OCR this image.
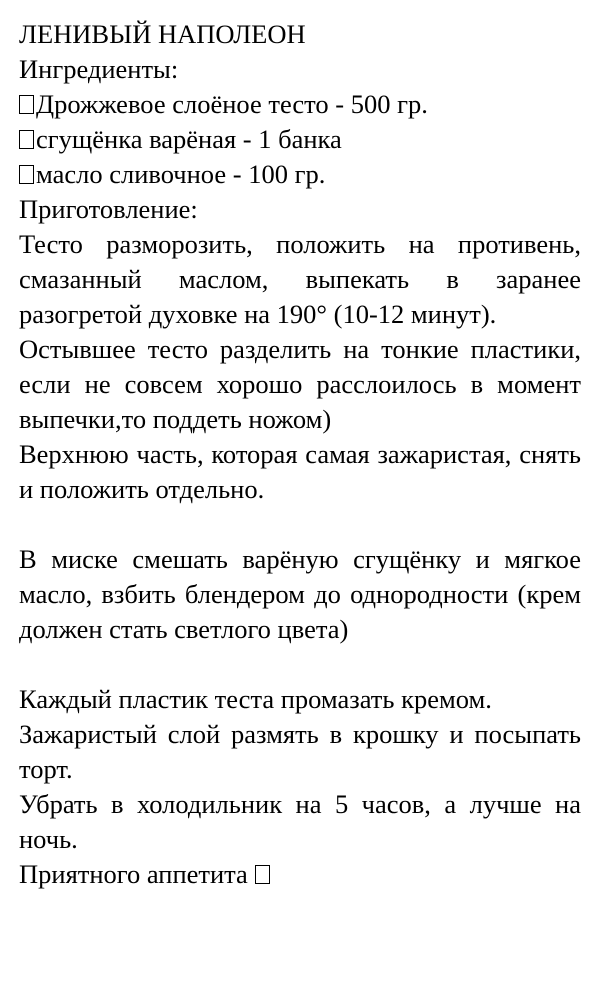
ЛЕНИВЫЙ НАПОЛЕОН
Ингредиенты:
Дрожжевое слоёное тесто - 500 гр.
сгущёнка варёная - 1 банка
масло сливочное - 100 гр.
Приготовление:
Тесто разморозить, положить на противень, смазанный маслом, выпекать в заранее разогретой духовке на 190° (10-12 минут).
Остывшее тесто разделить на тонкие пластики, если не совсем хорошо расслоилось в момент выпечки,то поддеть ножом)
Верхнюю часть, которая самая зажаристая, снять и положить отдельно.
В миске смешать варёную сгущёнку и мягкое масло, взбить блендером до однородности (крем должен стать светлого цвета)
Каждый пластик теста промазать кремом.
Зажаристый слой размять в крошку и посыпать торт.
Убрать в холодильник на 5 часов, а лучше на ночь.
Приятного аппетита
